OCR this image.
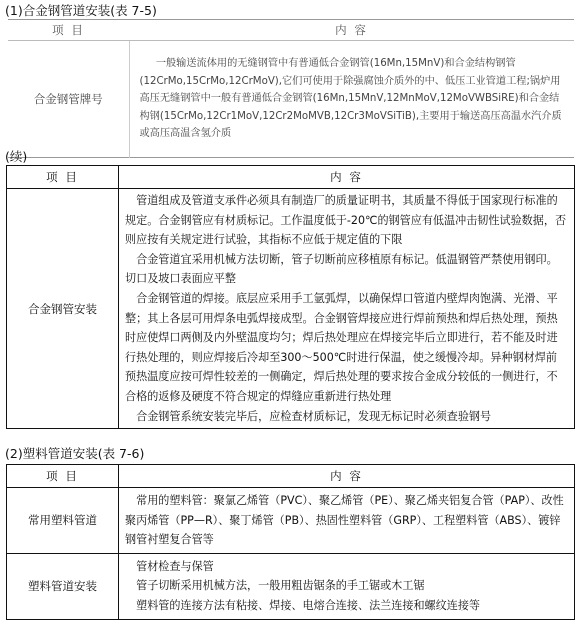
(1)合金钢管道安装(表 7-5)
项 目	内 容
合金钢管牌号	一般输送流体用的无缝钢管中有普通低合金钢管(16Mn,15MnV)和合金结构钢管(12CrMo,15CrMo,12CrMoV),它们可使用于除强腐蚀介质外的中、低压工业管道工程;锅炉用高压无缝钢管中一般有普通低合金钢管(16Mn,15MnV,12MnMoV,12MoVWBSiRE)和合金结构钢(15CrMo,12Cr1MoV,12Cr2MoMVB,12Cr3MoVSiTiB),主要用于输送高压高温水汽介质或高压高温含氢介质

(续)
项 目	内 容
合金钢管安装	管道组成及管道支承件必须具有制造厂的质量证明书，其质量不得低于国家现行标准的规定。合金钢管应有材质标记。工作温度低于-20℃的钢管应有低温冲击韧性试验数据，否则应按有关规定进行试验，其指标不应低于规定值的下限

合金管道宜采用机械方法切断，管子切断前应移植原有标记。低温钢管严禁使用钢印。切口及坡口表面应平整

合金钢管道的焊接。底层应采用手工氩弧焊，以确保焊口管道内壁焊肉饱满、光滑、平整；其上各层可用焊条电弧焊接成型。合金钢管焊接应进行焊前预热和焊后热处理，预热时应使焊口两侧及内外壁温度均匀；焊后热处理应在焊接完毕后立即进行，若不能及时进行热处理的，则应焊接后冷却至300～500℃时进行保温，使之缓慢冷却。异种钢材焊前预热温度应按可焊性较差的一侧确定，焊后热处理的要求按合金成分较低的一侧进行，不合格的返修及硬度不符合规定的焊缝应重新进行热处理

合金钢管系统安装完毕后，应检查材质标记，发现无标记时必须查验钢号

(2)塑料管道安装(表 7-6)
项 目	内 容
常用塑料管道	常用的塑料管：聚氯乙烯管（PVC）、聚乙烯管（PE）、聚乙烯夹铝复合管（PAP）、改性聚丙烯管（PP—R）、聚丁烯管（PB）、热固性塑料管（GRP）、工程塑料管（ABS）、镀锌钢管衬塑复合管等

塑料管道安装	管材检查与保管

管子切断采用机械方法，一般用粗齿锯条的手工锯或木工锯

塑料管的连接方法有粘接、焊接、电熔合连接、法兰连接和螺纹连接等
